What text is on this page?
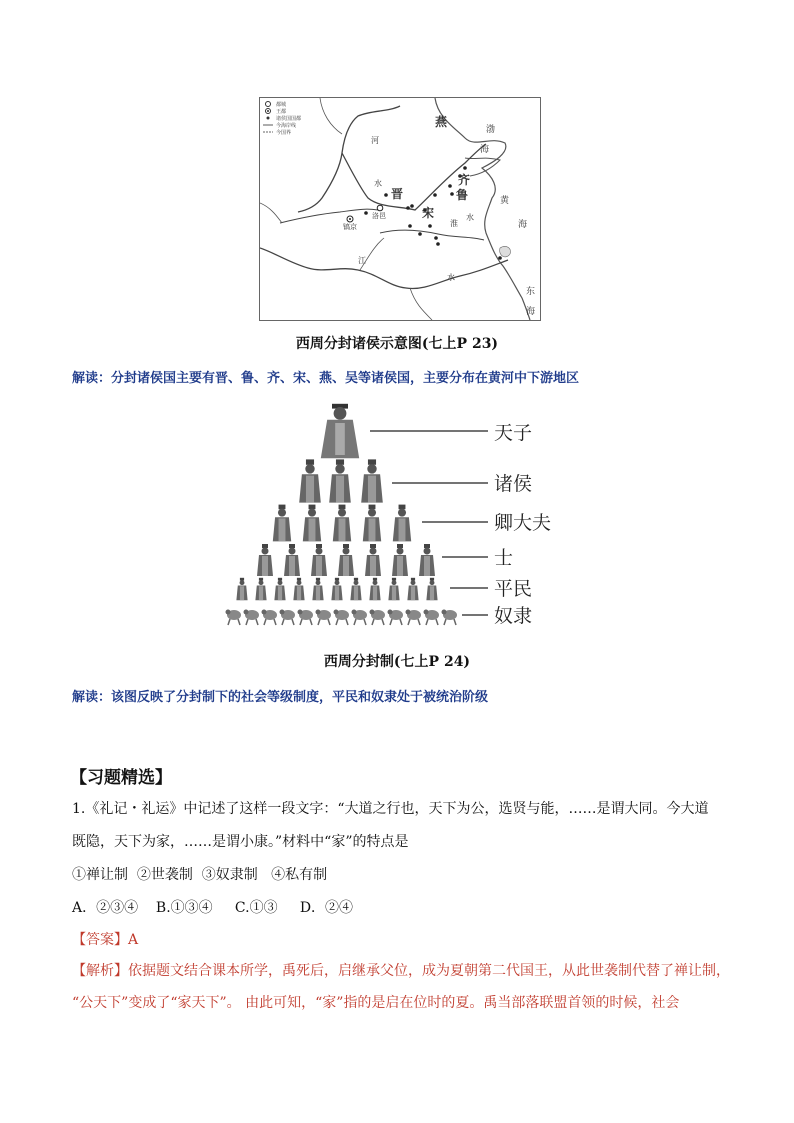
都城
王都
诸侯国国都
今海岸线
今国界
镐京
洛邑
燕
晋
齐
鲁
宋
渤
海
黄
海
东
海
河
水
江
水
淮
水
西周分封诸侯示意图(七上P 23)
解读：分封诸侯国主要有晋、鲁、齐、宋、燕、吴等诸侯国，主要分布在黄河中下游地区
天子
诸侯
卿大夫
士
平民
奴隶
西周分封制(七上P 24)
解读：该图反映了分封制下的社会等级制度，平民和奴隶处于被统治阶级
【习题精选】
1.《礼记・礼运》中记述了这样一段文字：“大道之行也，天下为公，选贤与能，……是谓大同。今大道
既隐，天下为家，……是谓小康。”材料中“家”的特点是
①禅让制  ②世袭制  ③奴隶制   ④私有制
A．②③④    B.①③④     C.①③     D．②④
【答案】A
【解析】依据题文结合课本所学，禹死后，启继承父位，成为夏朝第二代国王，从此世袭制代替了禅让制，
“公天下”变成了“家天下”。 由此可知，“家”指的是启在位时的夏。禹当部落联盟首领的时候，社会
